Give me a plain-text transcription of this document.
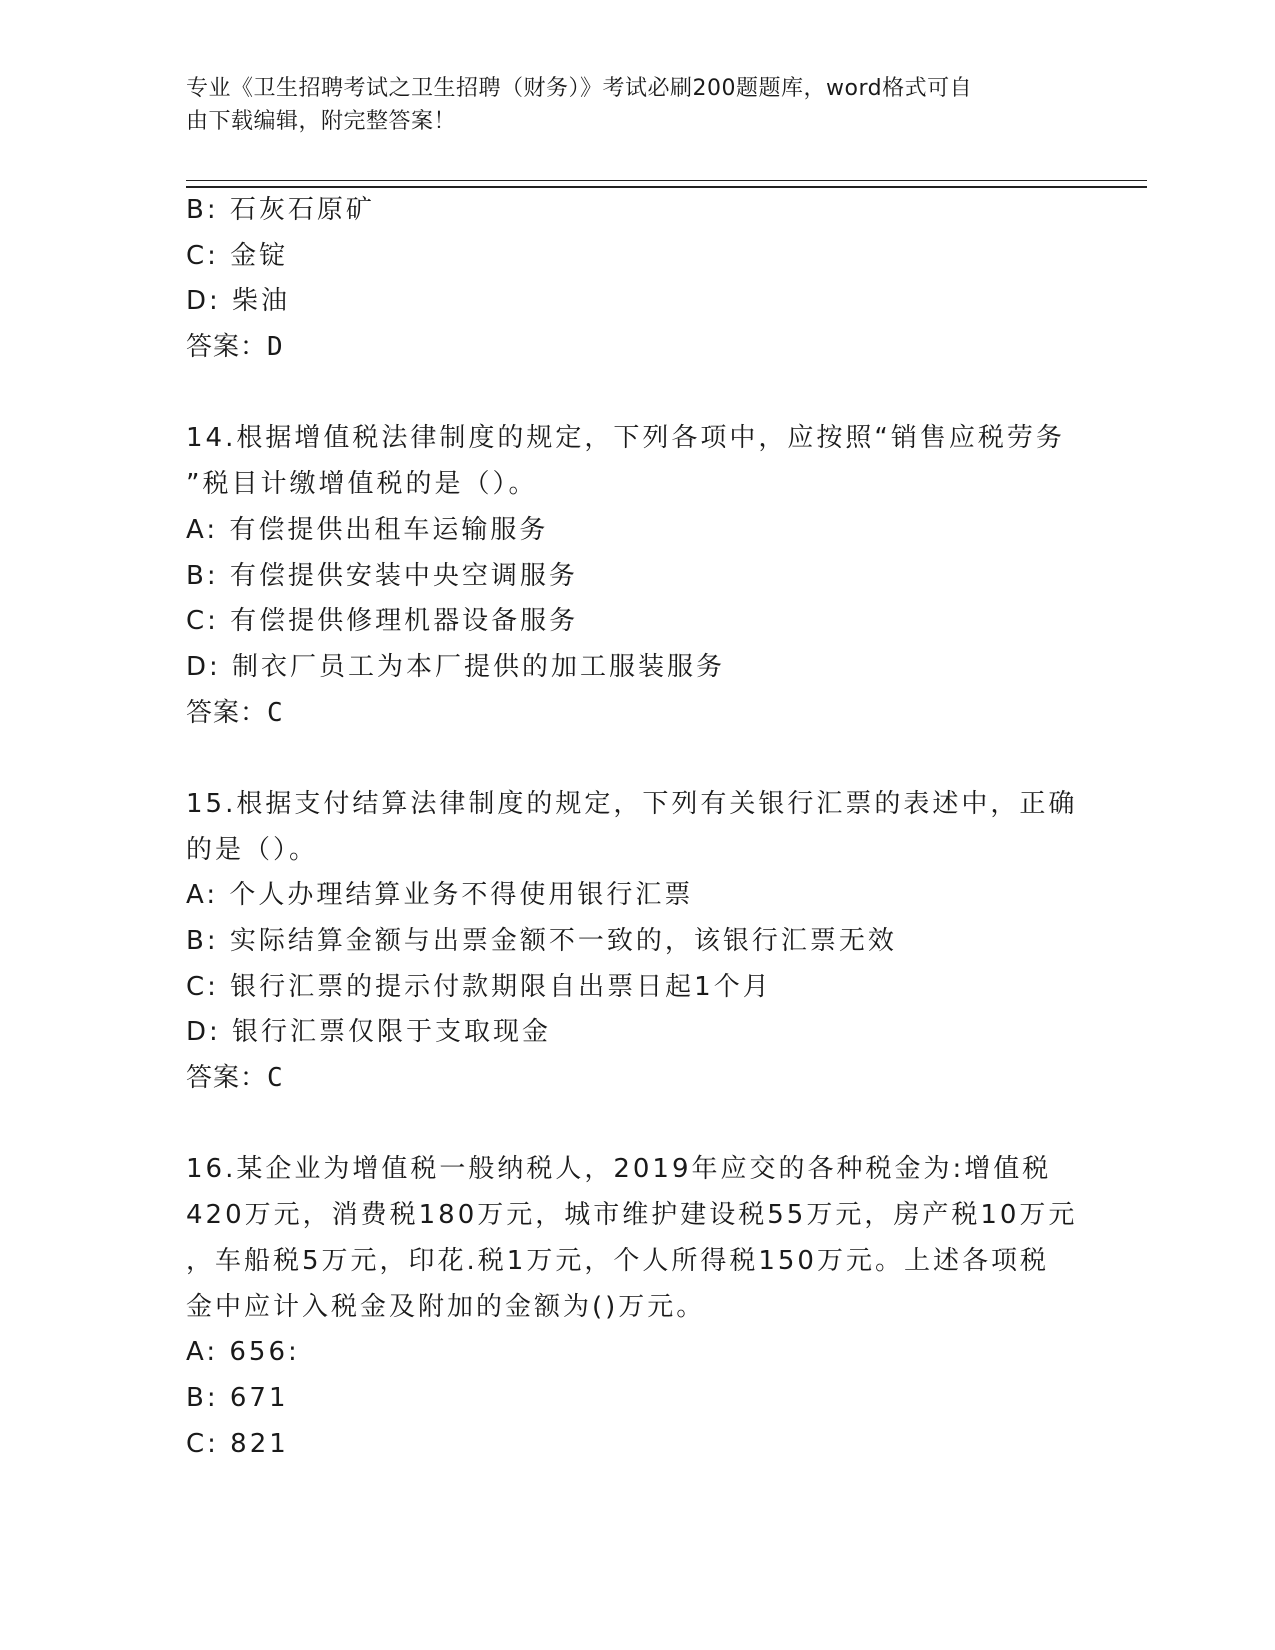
专业《卫生招聘考试之卫生招聘（财务）》考试必刷200题题库，word格式可自
由下载编辑，附完整答案！
B: 石灰石原矿
C: 金锭
D: 柴油
答案：D
14.根据增值税法律制度的规定，下列各项中，应按照“销售应税劳务
”税目计缴增值税的是（）。
A: 有偿提供出租车运输服务
B: 有偿提供安装中央空调服务
C: 有偿提供修理机器设备服务
D: 制衣厂员工为本厂提供的加工服装服务
答案：C
15.根据支付结算法律制度的规定，下列有关银行汇票的表述中，正确
的是（）。
A: 个人办理结算业务不得使用银行汇票
B: 实际结算金额与出票金额不一致的，该银行汇票无效
C: 银行汇票的提示付款期限自出票日起1个月
D: 银行汇票仅限于支取现金
答案：C
16.某企业为增值税一般纳税人，2019年应交的各种税金为:增值税
420万元，消费税180万元，城市维护建设税55万元，房产税10万元
，车船税5万元，印花.税1万元，个人所得税150万元。上述各项税
金中应计入税金及附加的金额为()万元。
A: 656:
B: 671
C: 821
